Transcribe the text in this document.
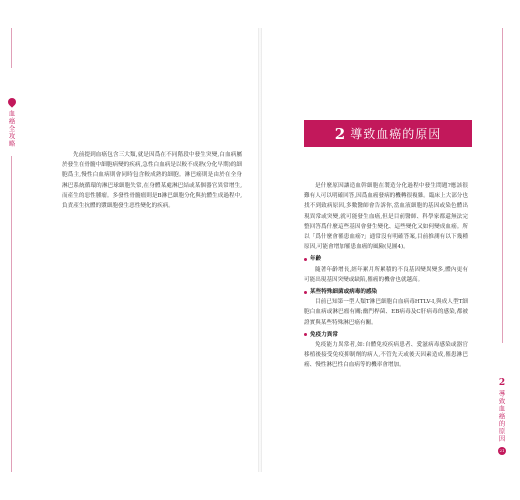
血癌全攻略
先前提到血癌包含三大類,就是因爲在不同階段中發生突變,白血病屬於發生在骨髓中細胞病變的疾病,急性白血病是以較不成熟(分化早期)的細胞爲主,慢性白血病則會同時包含較成熟的細胞。淋巴癌則是由於在全身淋巴系統循環的淋巴球細胞失常,在身體某處淋巴結或某個器官異常增生,而產生的惡性腫瘤。多發性骨髓瘤則是B淋巴細胞分化與抗體生成過程中,負責產生抗體的漿細胞發生惡性變化的疾病。
2 導致血癌的原因

是什麼原因讓造血幹細胞在製造分化過程中發生問題?應該很難有人可以明確回答,因爲血癌發病的機轉很複雜。臨床上大部分也找不到致病原因,多數醫師會告訴你,當血液細胞的基因或染色體出現異常或突變,就可能發生血癌,但是目前醫師、科學家都還無法完整回答爲什麼這些基因會發生變化、這些變化又如何變成血癌。所以「爲什麼會罹患血癌?」通常沒有明確答案,目前推測有以下幾種原因,可能會增加罹患血癌的風險(見圖4)。

年齡

隨著年齡增長,經年累月所累積的不良基因變異變多,體內更有可能出現基因突變或缺陷,罹癌的機會也就越高。

某些特殊細菌或病毒的感染

目前已知第一型人類T淋巴細胞白血病毒HTLV-I,與成人型T細胞白血病或淋巴瘤有關;幽門桿菌、EB病毒及C肝病毒的感染,都被證實與某些特殊淋巴癌有關。

免疫力異常

免疫能力異常者,如:自體免疫疾病患者、愛滋病毒感染或器官移植後接受免疫抑制劑的病人,不管先天或後天因素造成,罹患淋巴癌、慢性淋巴性白血病等的機率會增加。

2
導致血癌的原因
21
